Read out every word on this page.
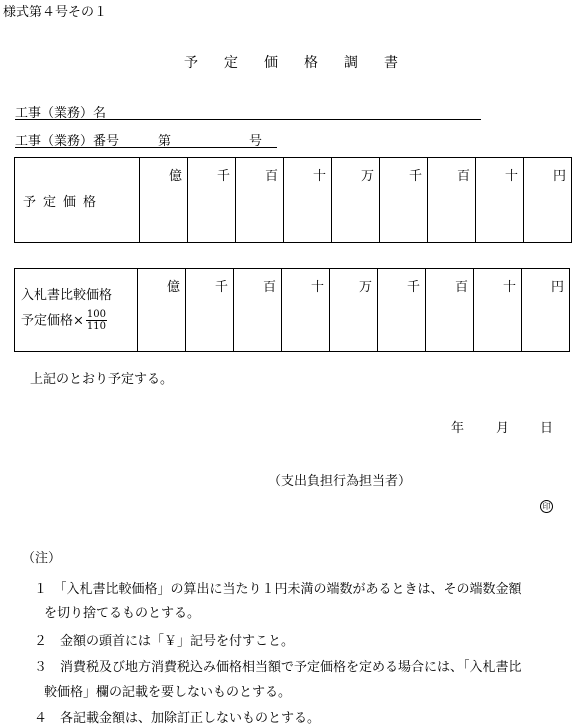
様式第４号その１
予定価格調書
工事（業務）名
工事（業務）番号	第	号
予定価格	億	千	百	十	万	千	百	十	円
入札書比較価格
予定価格× $\frac{100}{110}$
	億	千	百	十	万	千	百	十	円
上記のとおり予定する。
年 月 日
（支出負担行為担当者）
印
（注）
１　「入札書比較価格」の算出に当たり１円未満の端数があるときは、その端数金額
を切り捨てるものとする。
２　金額の頭首には「￥」記号を付すこと。
３　消費税及び地方消費税込み価格相当額で予定価格を定める場合には、「入札書比
較価格」欄の記載を要しないものとする。
４　各記載金額は、加除訂正しないものとする。
